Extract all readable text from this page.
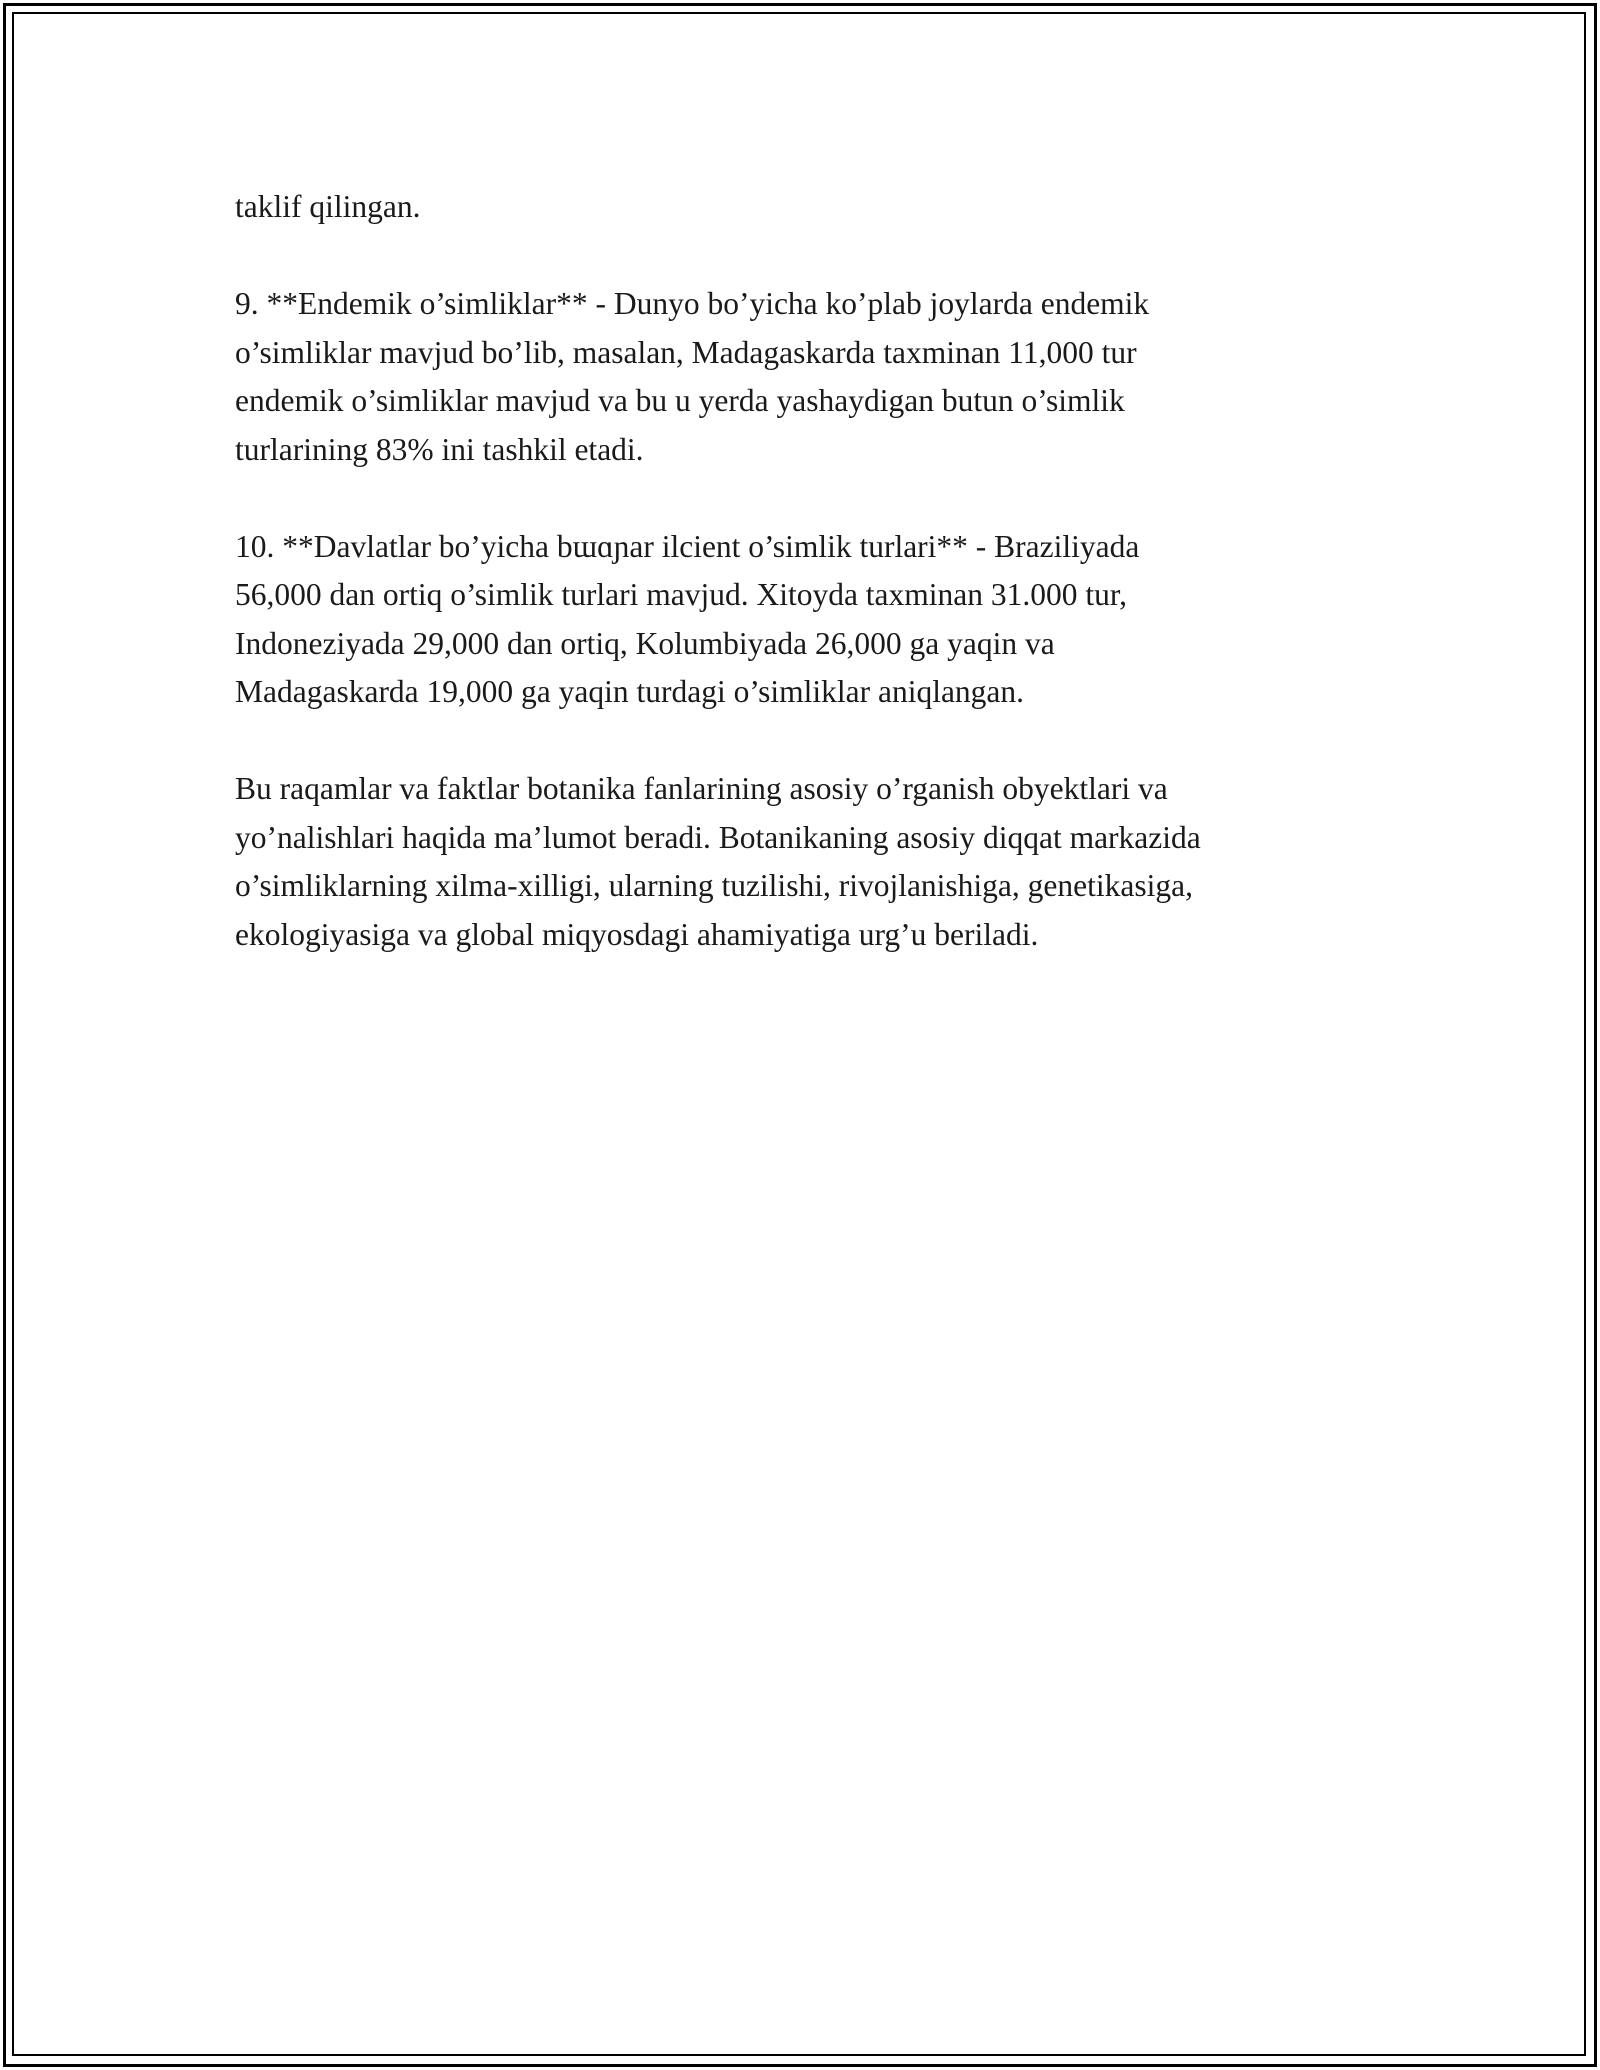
taklif qilingan.

9. **Endemik o’simliklar** - Dunyo bo’yicha ko’plab joylarda endemik
o’simliklar mavjud bo’lib, masalan, Madagaskarda taxminan 11,000 tur
endemik o’simliklar mavjud va bu u yerda yashaydigan butun o’simlik
turlarining 83% ini tashkil etadi.

10. **Davlatlar bo’yicha bɯɑɲar ilcient o’simlik turlari** - Braziliyada
56,000 dan ortiq o’simlik turlari mavjud. Xitoyda taxminan 31.000 tur,
Indoneziyada 29,000 dan ortiq, Kolumbiyada 26,000 ga yaqin va
Madagaskarda 19,000 ga yaqin turdagi o’simliklar aniqlangan.

Bu raqamlar va faktlar botanika fanlarining asosiy o’rganish obyektlari va
yo’nalishlari haqida ma’lumot beradi. Botanikaning asosiy diqqat markazida
o’simliklarning xilma-xilligi, ularning tuzilishi, rivojlanishiga, genetikasiga,
ekologiyasiga va global miqyosdagi ahamiyatiga urg’u beriladi.
